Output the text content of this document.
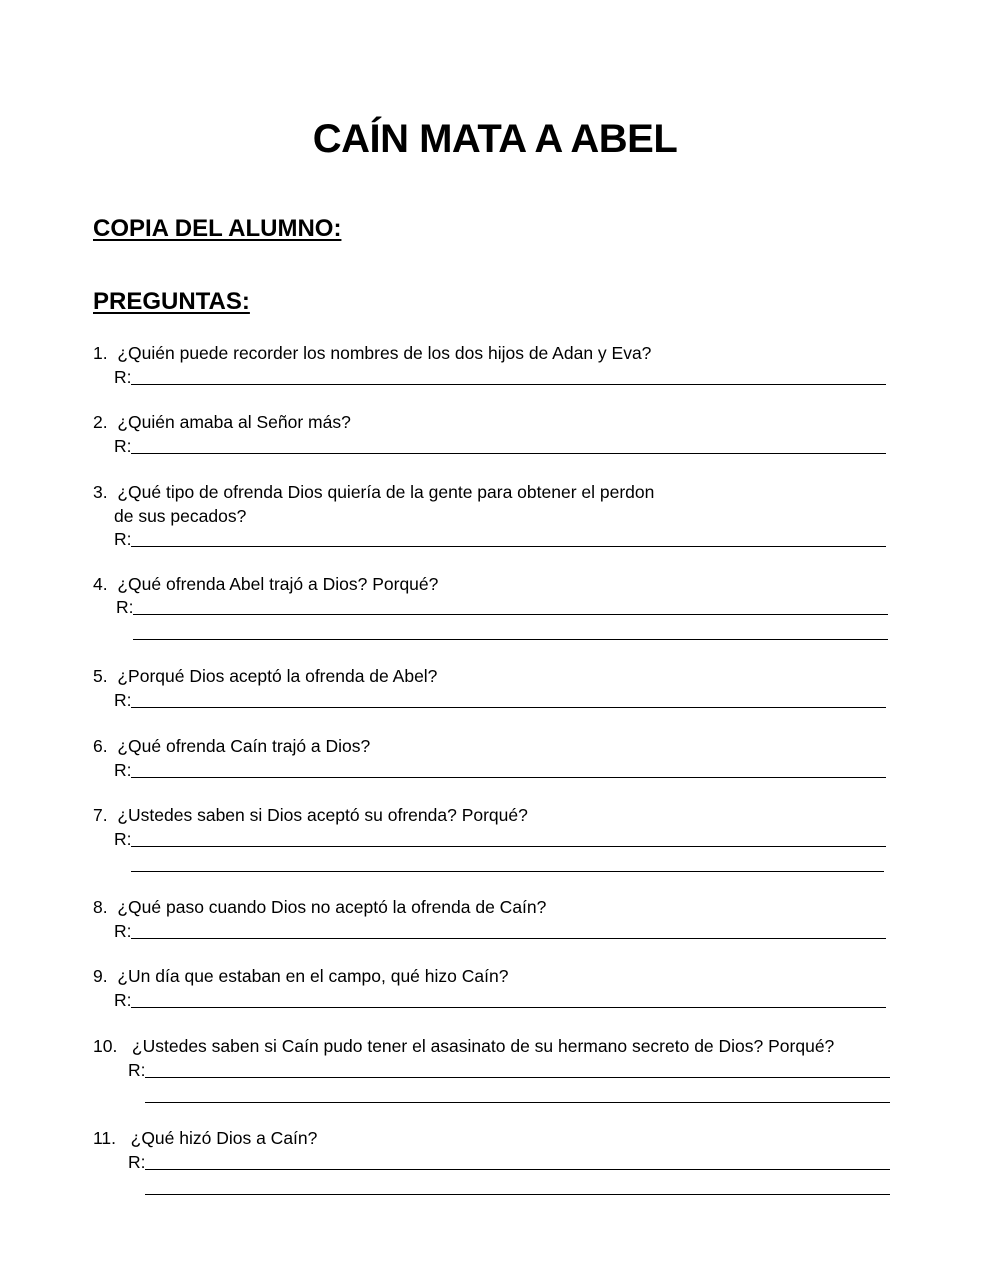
CAÍN MATA A ABEL
COPIA DEL ALUMNO:
PREGUNTAS:
1. ¿Quién puede recorder los nombres de los dos hijos de Adan y Eva?
R:
2. ¿Quién amaba al Señor más?
R:
3. ¿Qué tipo de ofrenda Dios quiería de la gente para obtener el perdon
de sus pecados?
R:
4. ¿Qué ofrenda Abel trajó a Dios? Porqué?
R:
5. ¿Porqué Dios aceptó la ofrenda de Abel?
R:
6. ¿Qué ofrenda Caín trajó a Dios?
R:
7. ¿Ustedes saben si Dios aceptó su ofrenda? Porqué?
R:
8. ¿Qué paso cuando Dios no aceptó la ofrenda de Caín?
R:
9. ¿Un día que estaban en el campo, qué hizo Caín?
R:
10. ¿Ustedes saben si Caín pudo tener el asasinato de su hermano secreto de Dios? Porqué?
R:
11. ¿Qué hizó Dios a Caín?
R:
